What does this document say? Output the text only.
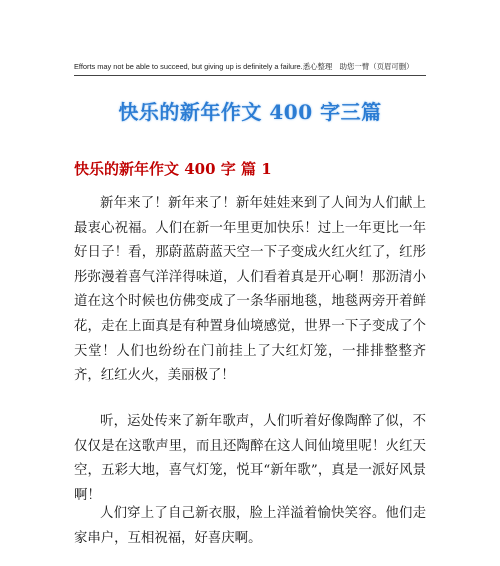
Efforts may not be able to succeed, but giving up is definitely a failure.悉心整理　助您一臂（页眉可删）
快乐的新年作文 400 字三篇
快乐的新年作文 400 字 篇 1

新年来了！新年来了！新年娃娃来到了人间为人们献上最衷心祝福。人们在新一年里更加快乐！过上一年更比一年好日子！看，那蔚蓝蔚蓝天空一下子变成火红火红了，红彤彤弥漫着喜气洋洋得味道，人们看着真是开心啊！那沥清小道在这个时候也仿佛变成了一条华丽地毯，地毯两旁开着鲜花，走在上面真是有种置身仙境感觉，世界一下子变成了个天堂！人们也纷纷在门前挂上了大红灯笼，一排排整整齐齐，红红火火，美丽极了！

听，运处传来了新年歌声，人们听着好像陶醉了似，不仅仅是在这歌声里，而且还陶醉在这人间仙境里呢！火红天空，五彩大地，喜气灯笼，悦耳“新年歌”，真是一派好风景啊！

人们穿上了自己新衣服，脸上洋溢着愉快笑容。他们走家串户，互相祝福，好喜庆啊。
